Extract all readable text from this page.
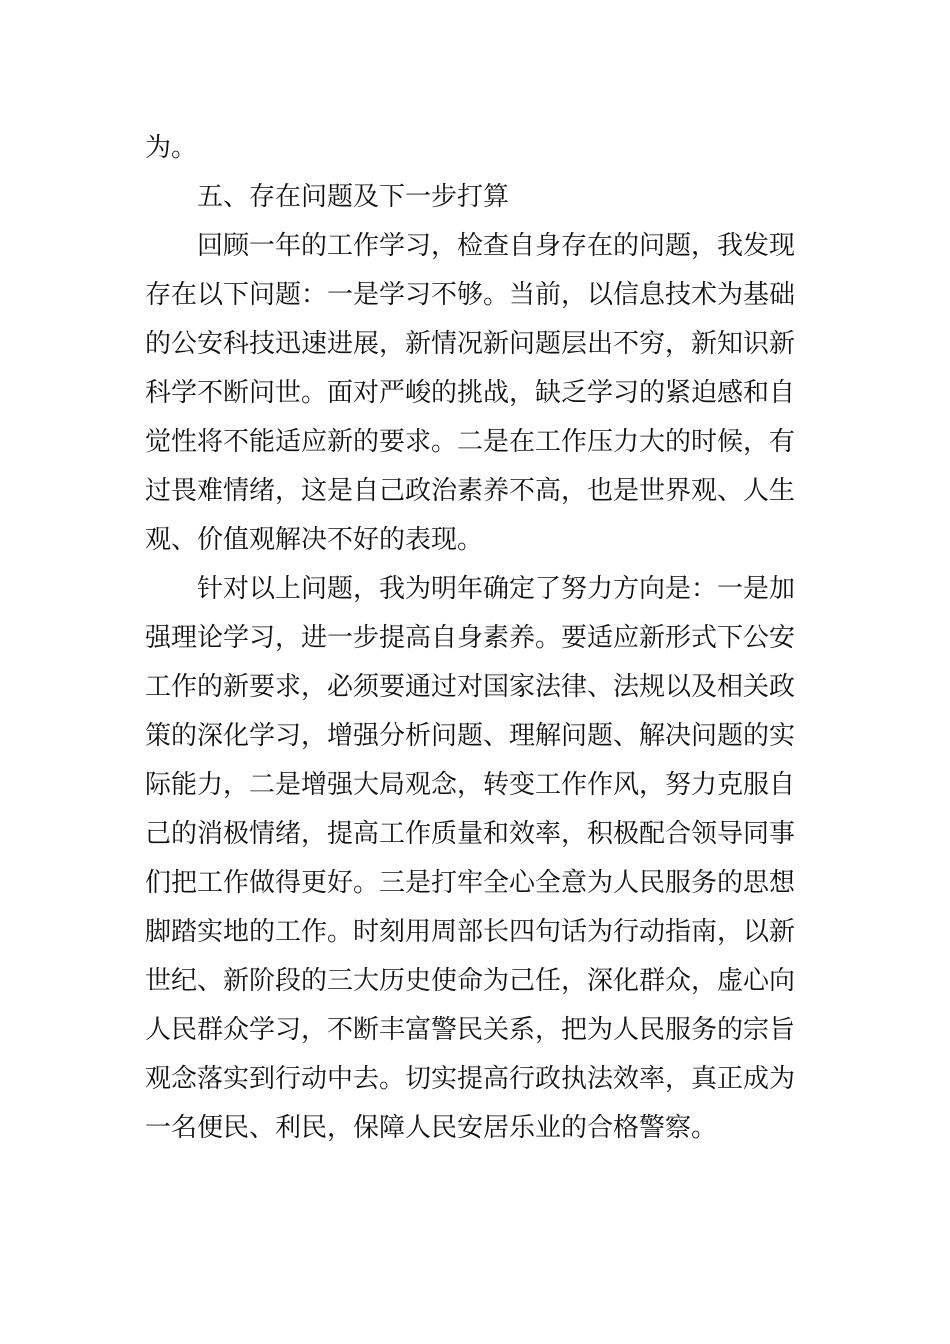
为。
五、存在问题及下一步打算
回顾一年的工作学习，检查自身存在的问题，我发现
存在以下问题：一是学习不够。当前，以信息技术为基础
的公安科技迅速进展，新情况新问题层出不穷，新知识新
科学不断问世。面对严峻的挑战，缺乏学习的紧迫感和自
觉性将不能适应新的要求。二是在工作压力大的时候，有
过畏难情绪，这是自己政治素养不高，也是世界观、人生
观、价值观解决不好的表现。
针对以上问题，我为明年确定了努力方向是：一是加
强理论学习，进一步提高自身素养。要适应新形式下公安
工作的新要求，必须要通过对国家法律、法规以及相关政
策的深化学习，增强分析问题、理解问题、解决问题的实
际能力，二是增强大局观念，转变工作作风，努力克服自
己的消极情绪，提高工作质量和效率，积极配合领导同事
们把工作做得更好。三是打牢全心全意为人民服务的思想
脚踏实地的工作。时刻用周部长四句话为行动指南，以新
世纪、新阶段的三大历史使命为己任，深化群众，虚心向
人民群众学习，不断丰富警民关系，把为人民服务的宗旨
观念落实到行动中去。切实提高行政执法效率，真正成为
一名便民、利民，保障人民安居乐业的合格警察。
